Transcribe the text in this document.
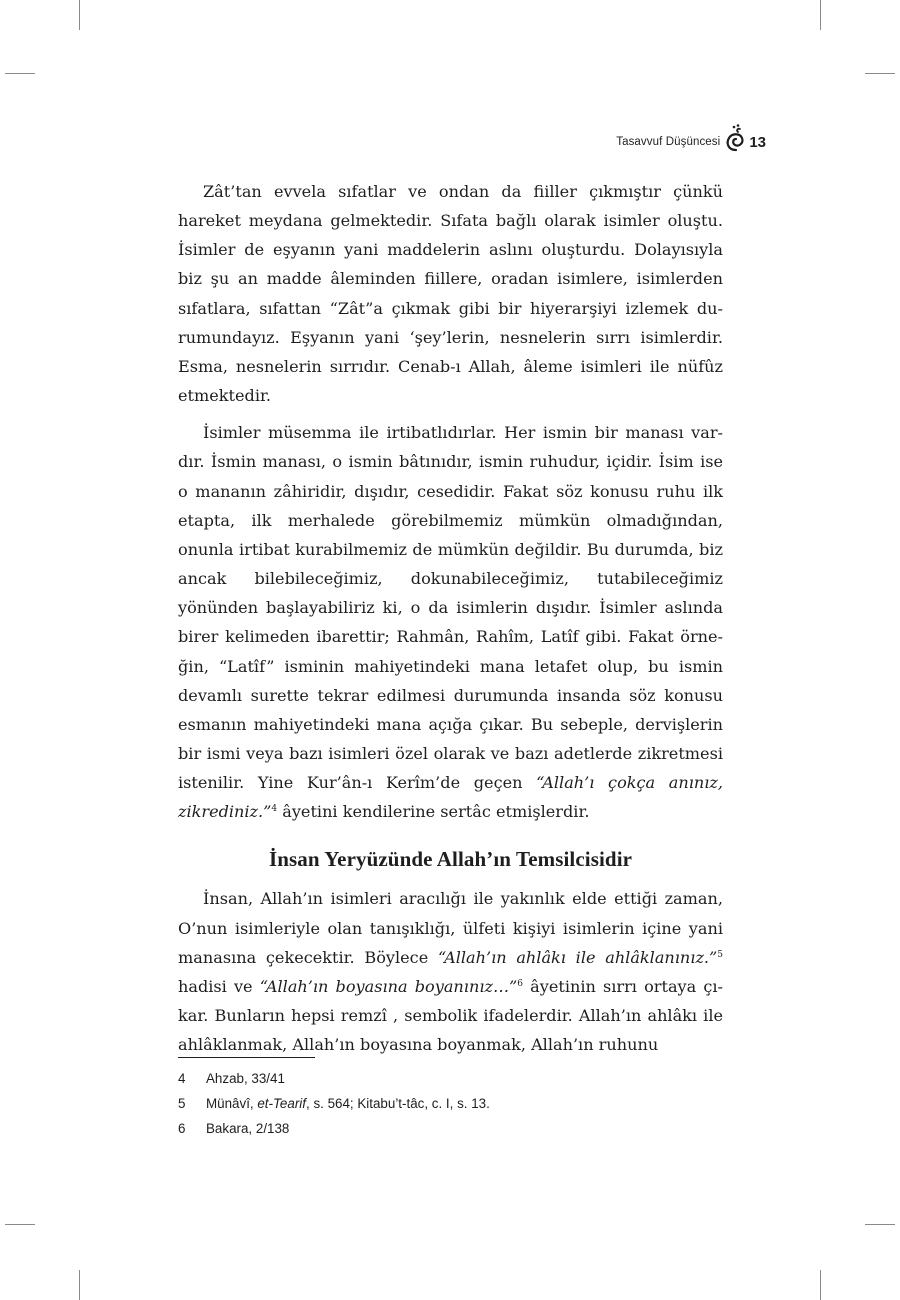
Tasavvuf Düşüncesi 13

Zât’tan evvela sıfatlar ve ondan da fiiller çıkmıştır çünkü hareket meydana gelmektedir. Sıfata bağlı olarak isimler oluştu. İsimler de eşyanın yani maddelerin aslını oluşturdu. Dolayısıyla biz şu an madde âleminden fiillere, oradan isimlere, isimlerden sıfatlara, sıfattan “Zât”a çıkmak gibi bir hiyerarşiyi izlemek durumundayız. Eşyanın yani ‘şey’lerin, nesnelerin sırrı isimlerdir. Esma, nesnelerin sırrıdır. Cenab-ı Allah, âleme isimleri ile nüfûz etmektedir.

İsimler müsemma ile irtibatlıdırlar. Her ismin bir manası vardır. İsmin manası, o ismin bâtınıdır, ismin ruhudur, içidir. İsim ise o mananın zâhiridir, dışıdır, cesedidir. Fakat söz konusu ruhu ilk etapta, ilk merhalede görebilmemiz mümkün olmadığından, onunla irtibat kurabilmemiz de mümkün değildir. Bu durumda, biz ancak bilebileceğimiz, dokunabileceğimiz, tutabileceğimiz yönünden başlayabiliriz ki, o da isimlerin dışıdır. İsimler aslında birer kelimeden ibarettir; Rahmân, Rahîm, Latîf gibi. Fakat örneğin, “Latîf” isminin mahiyetindeki mana letafet olup, bu ismin devamlı surette tekrar edilmesi durumunda insanda söz konusu esmanın mahiyetindeki mana açığa çıkar. Bu sebeple, dervişlerin bir ismi veya bazı isimleri özel olarak ve bazı adetlerde zikretmesi istenilir. Yine Kur’ân-ı Kerîm’de geçen “Allah’ı çokça anınız, zikrediniz.”$^4$ âyetini kendilerine sertâc etmişlerdir.

İnsan Yeryüzünde Allah’ın Temsilcisidir

İnsan, Allah’ın isimleri aracılığı ile yakınlık elde ettiği zaman, O’nun isimleriyle olan tanışıklığı, ülfeti kişiyi isimlerin içine yani manasına çekecektir. Böylece “Allah’ın ahlâkı ile ahlâklanınız.”$^5$ hadisi ve “Allah’ın boyasına boyanınız…”$^6$ âyetinin sırrı ortaya çıkar. Bunların hepsi remzî , sembolik ifadelerdir. Allah’ın ahlâkı ile ahlâklanmak, Allah’ın boyasına boyanmak, Allah’ın ruhunu

4	Ahzab, 33/41
5	Münâvî, et-Tearif, s. 564; Kitabu’t-tâc, c. I, s. 13.
6	Bakara, 2/138
